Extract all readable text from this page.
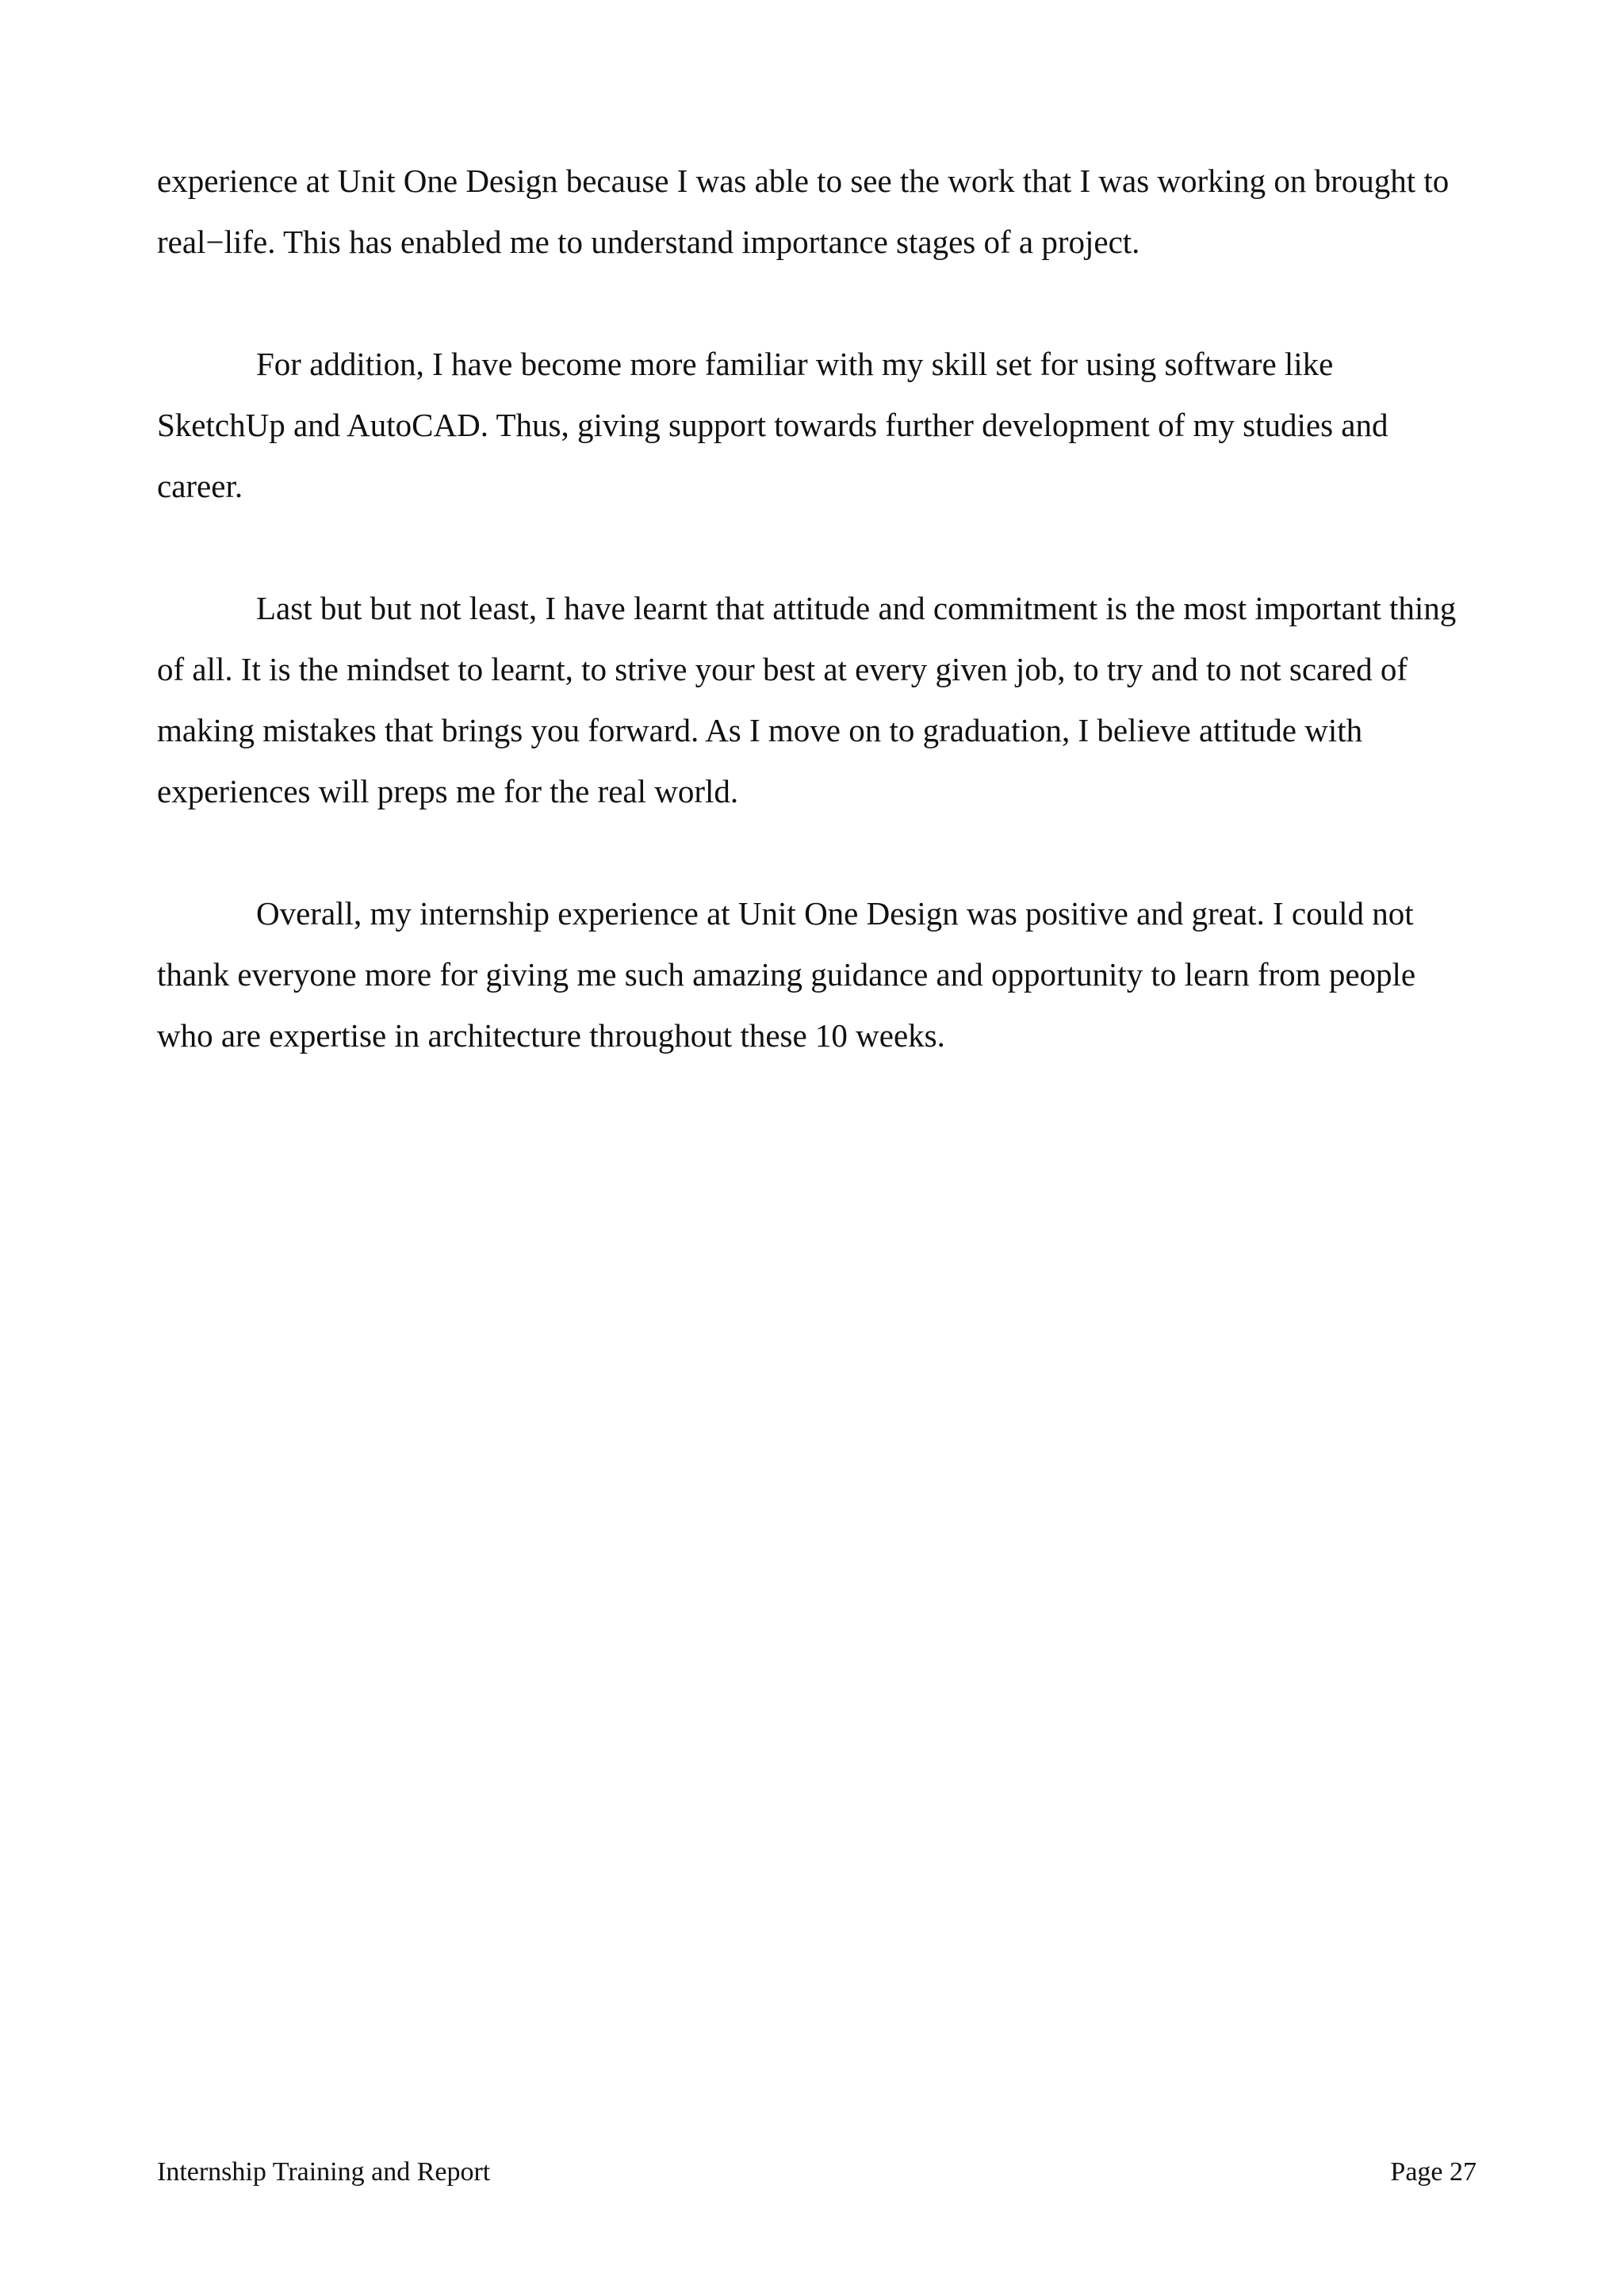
experience at Unit One Design because I was able to see the work that I was working on brought to
real−life. This has enabled me to understand importance stages of a project.

For addition, I have become more familiar with my skill set for using software like
SketchUp and AutoCAD. Thus, giving support towards further development of my studies and
career.

Last but but not least, I have learnt that attitude and commitment is the most important thing
of all. It is the mindset to learnt, to strive your best at every given job, to try and to not scared of
making mistakes that brings you forward. As I move on to graduation, I believe attitude with
experiences will preps me for the real world.

Overall, my internship experience at Unit One Design was positive and great. I could not
thank everyone more for giving me such amazing guidance and opportunity to learn from people
who are expertise in architecture throughout these 10 weeks.

Internship Training and Report	Page 27
